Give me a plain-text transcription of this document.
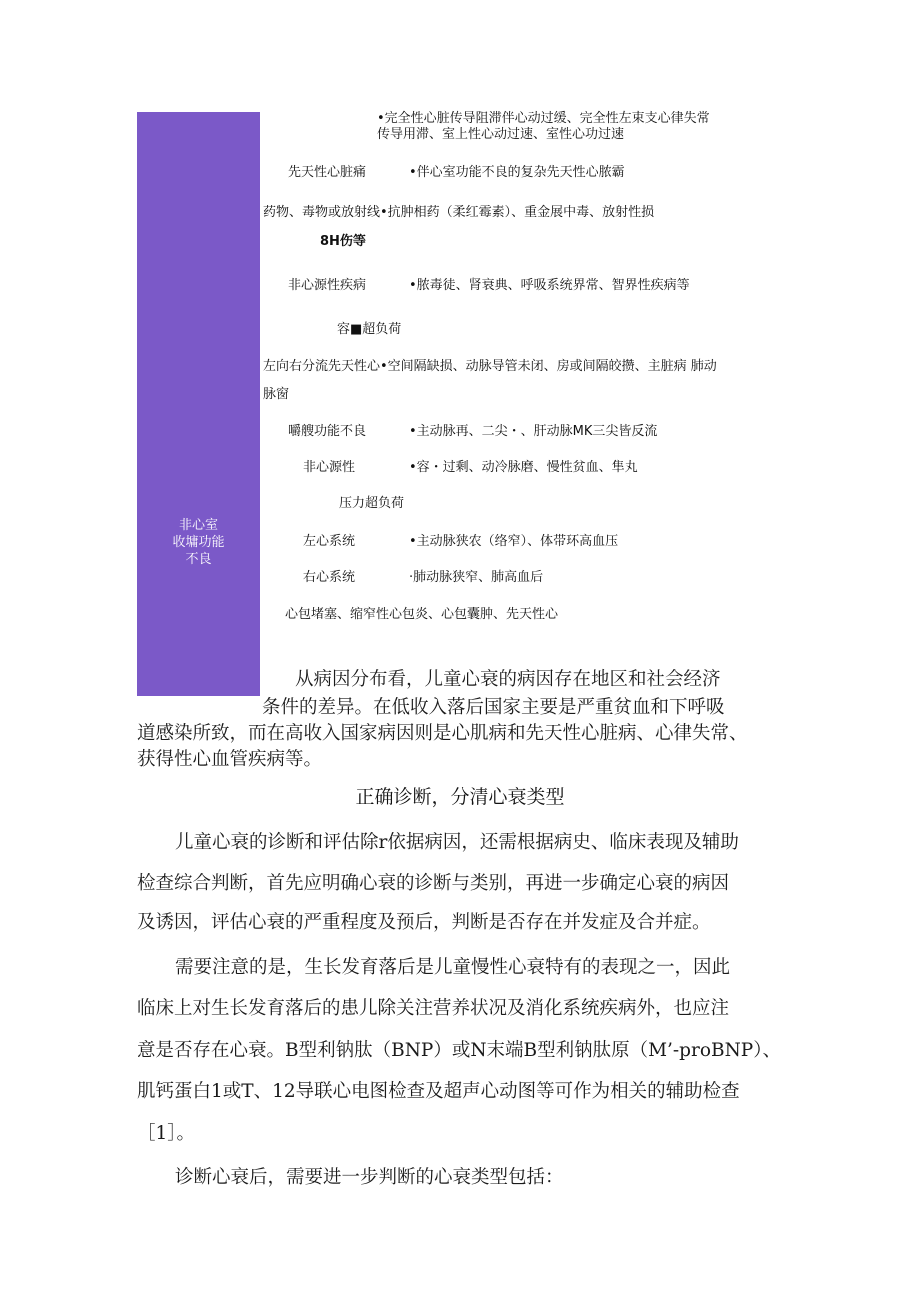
非心室
收墉功能
不良
•完全性心脏传导阻滞伴心动过缓、完全性左束支心律失常
传导用滞、室上性心动过速、室性心功过速
先天性心脏痛	•伴心室功能不良的复杂先天性心脓霸
药物、毒物或放射线•抗肿相药（柔红霉素）、重金展中毒、放射性损
8H伤等
非心源性疾病	•脓毒徒、肾衰典、呼吸系统界常、智界性疾病等
容■超负荷
左向右分流先天性心•空间隔缺损、动脉导管未闭、房或间隔皎攒、主脏病 肺动
脉窗
嚼艘功能不良	•主动脉再、二尖・、肝动脉MK三尖皆反流
非心源性	•容・过剩、动冷脉磨、慢性贫血、隼丸
压力超负荷
左心系统	•主动脉狭农（络窄）、体带环高血压
右心系统	·肺动脉狭窄、肺高血后
心包堵塞、缩窄性心包炎、心包囊肿、先天性心
从病因分布看，儿童心衰的病因存在地区和社会经济
条件的差异。在低收入落后国家主要是严重贫血和下呼吸
道感染所致，而在高收入国家病因则是心肌病和先天性心脏病、心律失常、
获得性心血管疾病等。
正确诊断，分清心衰类型
儿童心衰的诊断和评估除r依据病因，还需根据病史、临床表现及辅助
检查综合判断，首先应明确心衰的诊断与类别，再进一步确定心衰的病因
及诱因，评估心衰的严重程度及预后，判断是否存在并发症及合并症。
需要注意的是，生长发育落后是儿童慢性心衰特有的表现之一，因此
临床上对生长发育落后的患儿除关注营养状况及消化系统疾病外，也应注
意是否存在心衰。B型利钠肽（BNP）或N末端B型利钠肽原（M’-proBNP）、
肌钙蛋白1或T、12导联心电图检查及超声心动图等可作为相关的辅助检查
［1］。
诊断心衰后，需要进一步判断的心衰类型包括：
